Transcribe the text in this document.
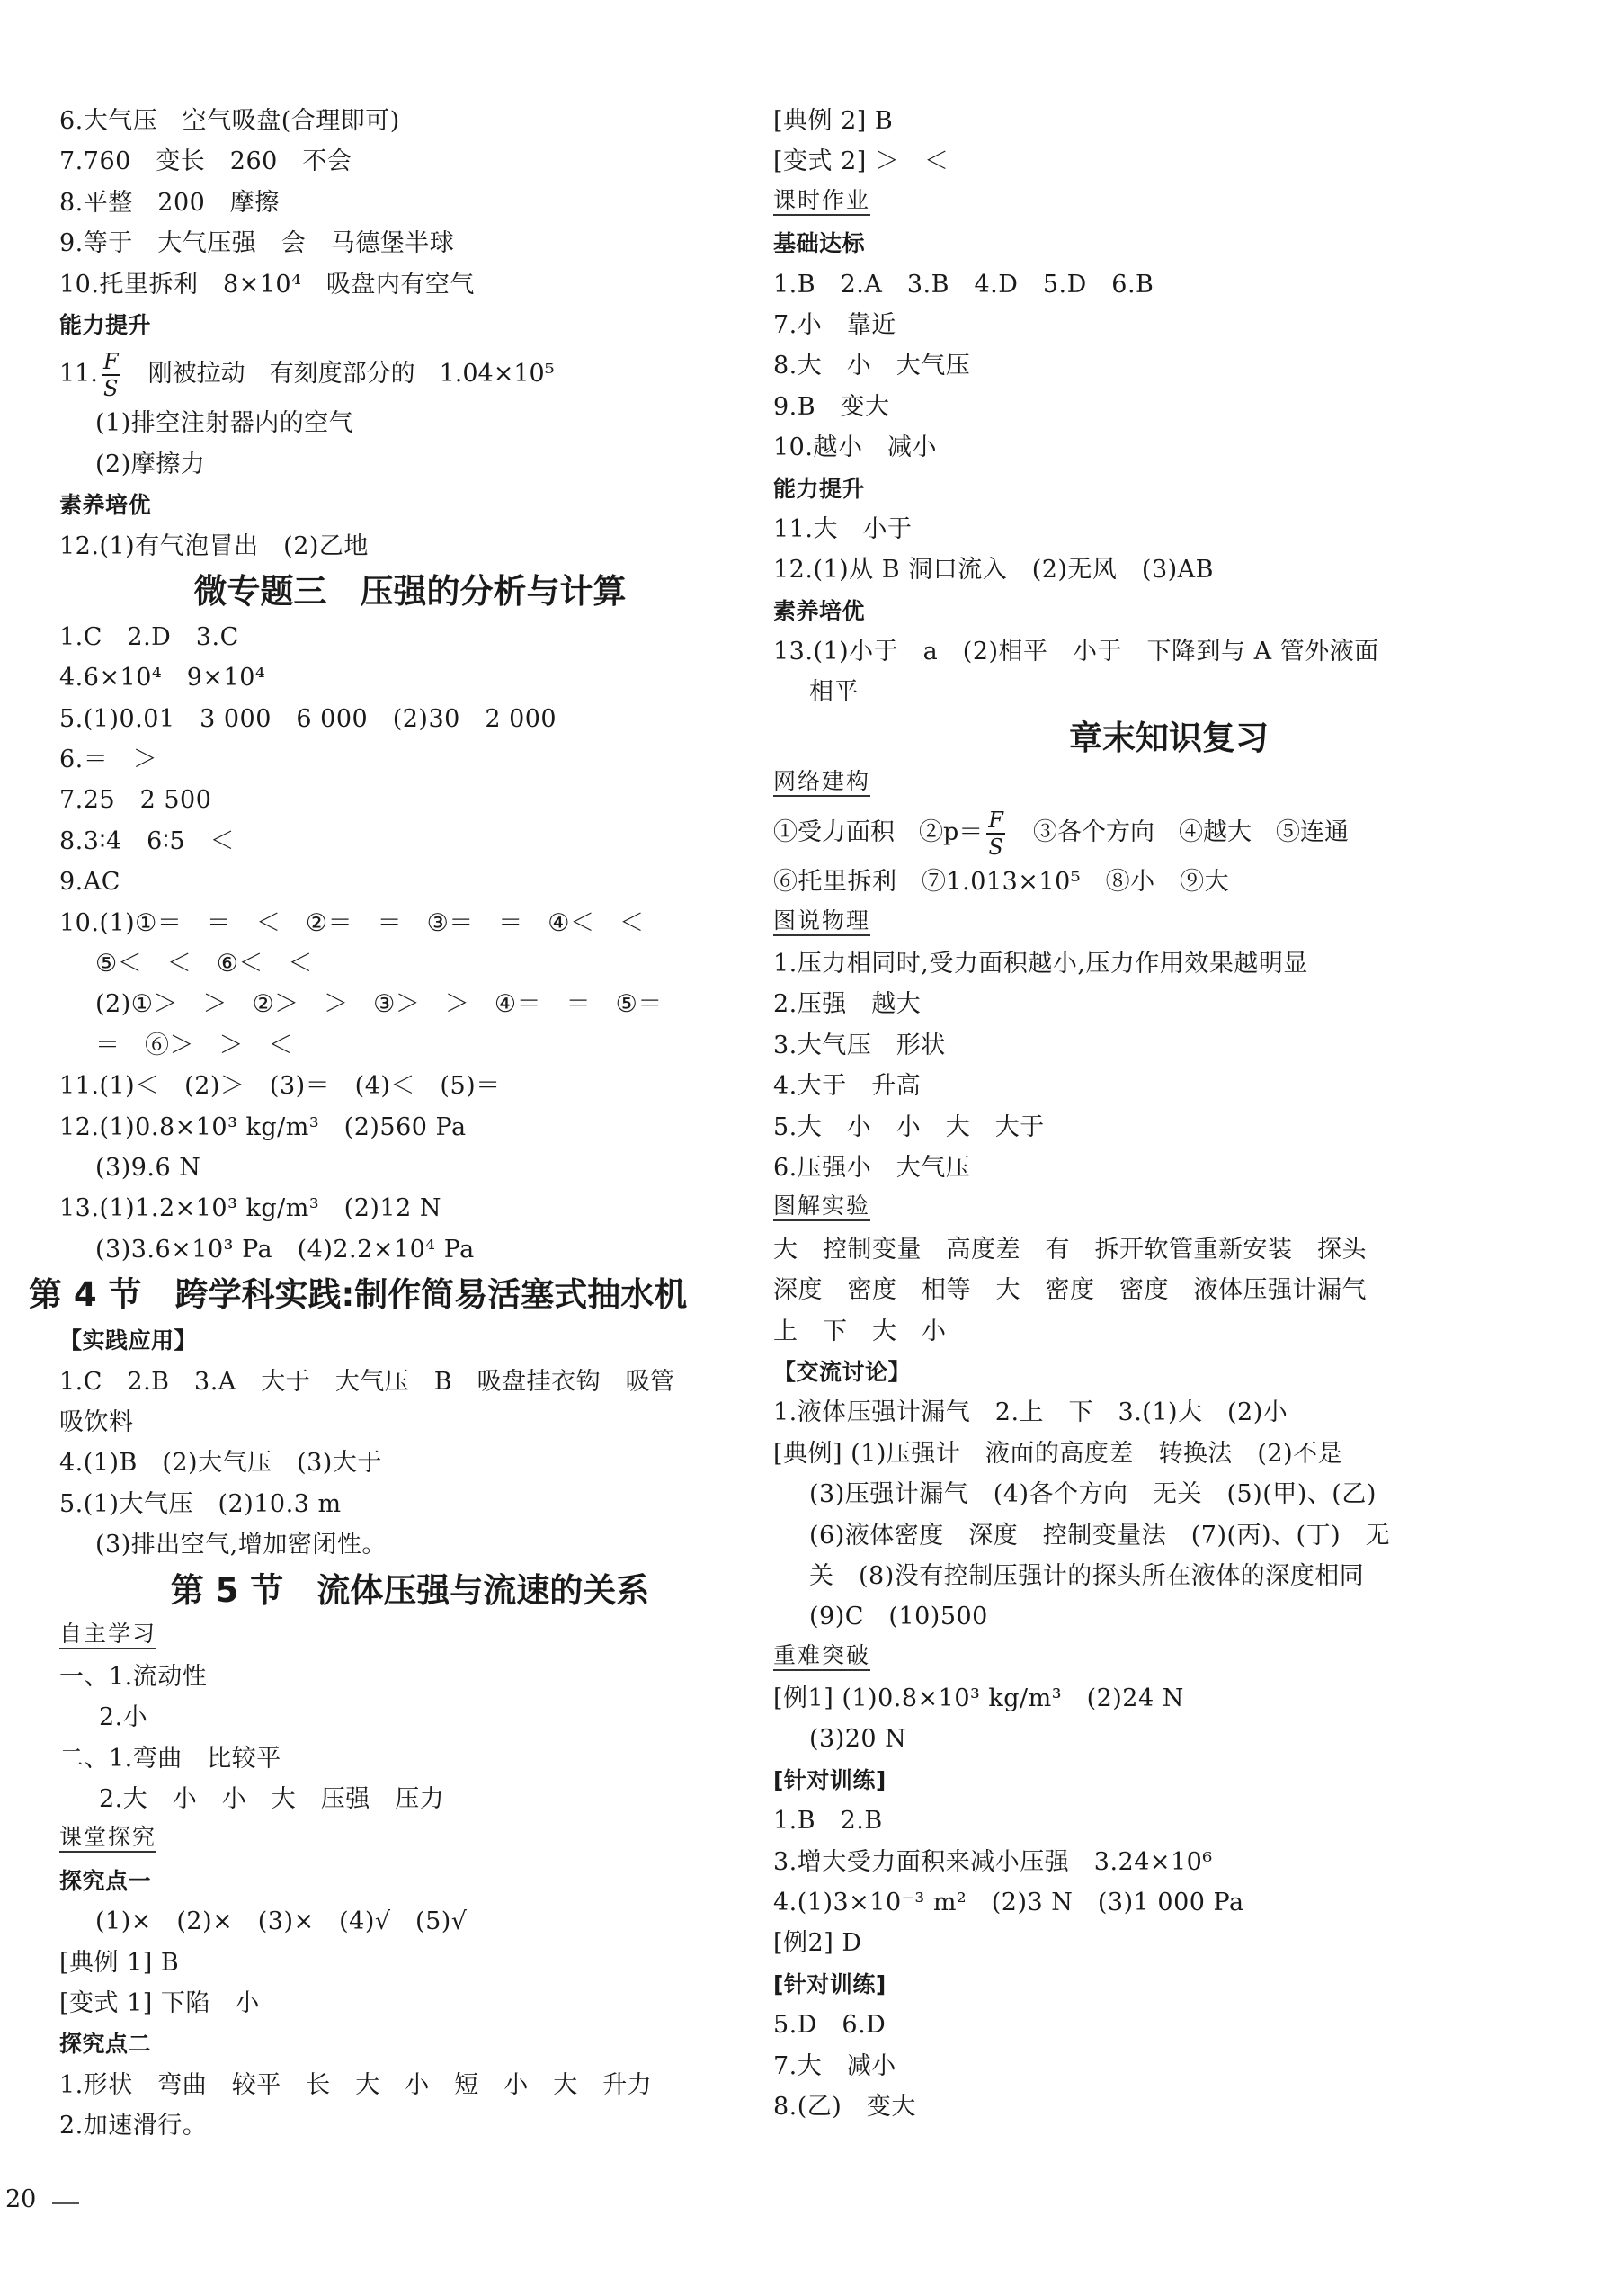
6.大气压　空气吸盘(合理即可)
7.760　变长　260　不会
8.平整　200　摩擦
9.等于　大气压强　会　马德堡半球
10.托里拆利　8×10⁴　吸盘内有空气
能力提升
11. $\frac{F}{S}$ 　刚被拉动　有刻度部分的　1.04×10⁵
(1)排空注射器内的空气
(2)摩擦力
素养培优
12.(1)有气泡冒出　(2)乙地
微专题三　压强的分析与计算
1.C　2.D　3.C
4.6×10⁴　9×10⁴
5.(1)0.01　3 000　6 000　(2)30　2 000
6.＝　＞
7.25　2 500
8.3∶4　6∶5　＜
9.AC
10.(1)①＝　＝　＜　②＝　＝　③＝　＝　④＜　＜
⑤＜　＜　⑥＜　＜
(2)①＞　＞　②＞　＞　③＞　＞　④＝　＝　⑤＝
＝　⑥＞　＞　＜
11.(1)＜　(2)＞　(3)＝　(4)＜　(5)＝
12.(1)0.8×10³ kg/m³　(2)560 Pa
(3)9.6 N
13.(1)1.2×10³ kg/m³　(2)12 N
(3)3.6×10³ Pa　(4)2.2×10⁴ Pa
第 4 节　跨学科实践:制作简易活塞式抽水机
【实践应用】
1.C　2.B　3.A　大于　大气压　B　吸盘挂衣钩　吸管
吸饮料
4.(1)B　(2)大气压　(3)大于
5.(1)大气压　(2)10.3 m
(3)排出空气,增加密闭性。
第 5 节　流体压强与流速的关系
自主学习
一、1.流动性
2.小
二、1.弯曲　比较平
2.大　小　小　大　压强　压力
课堂探究
探究点一
(1)×　(2)×　(3)×　(4)√　(5)√
[典例 1] B
[变式 1] 下陷　小
探究点二
1.形状　弯曲　较平　长　大　小　短　小　大　升力
2.加速滑行。
[典例 2] B
[变式 2] ＞　＜
课时作业
基础达标
1.B　2.A　3.B　4.D　5.D　6.B
7.小　靠近
8.大　小　大气压
9.B　变大
10.越小　减小
能力提升
11.大　小于
12.(1)从 B 洞口流入　(2)无风　(3)AB
素养培优
13.(1)小于　a　(2)相平　小于　下降到与 A 管外液面
相平
章末知识复习
网络建构
①受力面积　②p＝ $\frac{F}{S}$ 　③各个方向　④越大　⑤连通
⑥托里拆利　⑦1.013×10⁵　⑧小　⑨大
图说物理
1.压力相同时,受力面积越小,压力作用效果越明显
2.压强　越大
3.大气压　形状
4.大于　升高
5.大　小　小　大　大于
6.压强小　大气压
图解实验
大　控制变量　高度差　有　拆开软管重新安装　探头
深度　密度　相等　大　密度　密度　液体压强计漏气
上　下　大　小
【交流讨论】
1.液体压强计漏气　2.上　下　3.(1)大　(2)小
[典例] (1)压强计　液面的高度差　转换法　(2)不是
(3)压强计漏气　(4)各个方向　无关　(5)(甲)、(乙)
(6)液体密度　深度　控制变量法　(7)(丙)、(丁)　无
关　(8)没有控制压强计的探头所在液体的深度相同
(9)C　(10)500
重难突破
[例1] (1)0.8×10³ kg/m³　(2)24 N
(3)20 N
[针对训练]
1.B　2.B
3.增大受力面积来减小压强　3.24×10⁶
4.(1)3×10⁻³ m²　(2)3 N　(3)1 000 Pa
[例2] D
[针对训练]
5.D　6.D
7.大　减小
8.(乙)　变大
20
